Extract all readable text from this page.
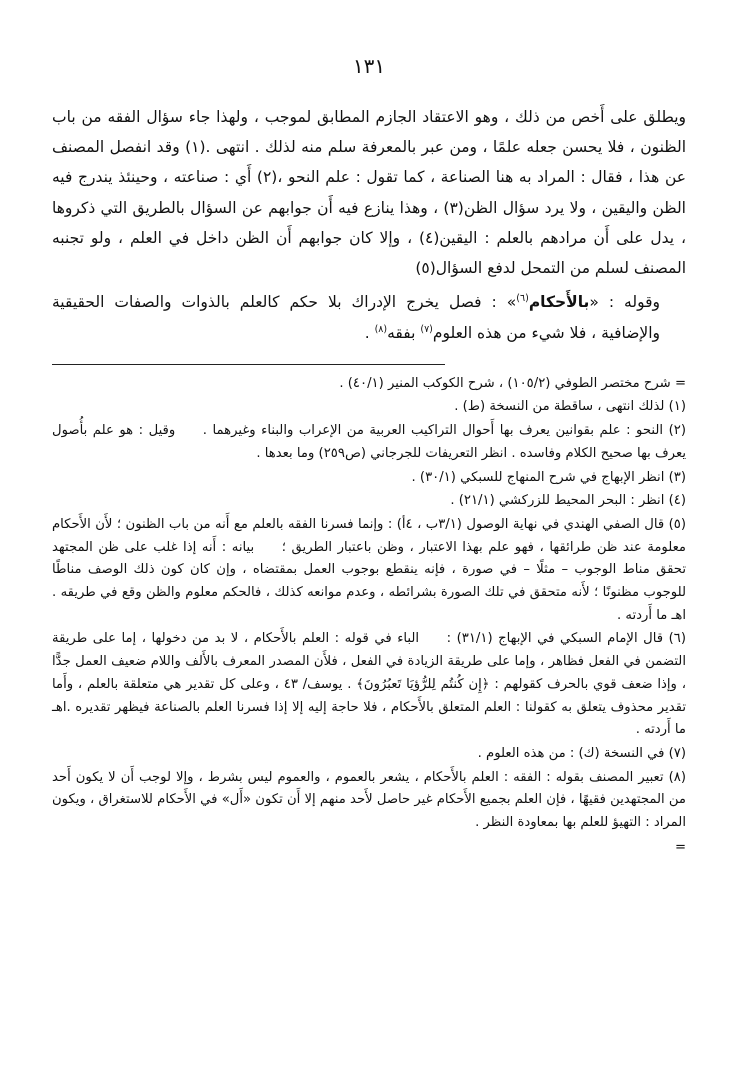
١٣١

ويطلق على أَخص من ذلك ، وهو الاعتقاد الجازم المطابق لموجب ، ولهذا جاء سؤال الفقه من باب الظنون ، فلا يحسن جعله علمًا ، ومن عبر بالمعرفة سلم منه لذلك . انتهى .(١) وقد انفصل المصنف عن هذا ، فقال : المراد به هنا الصناعة ، كما تقول : علم النحو ،(٢) أَي : صناعته ، وحينئذ يندرج فيه الظن واليقين ، ولا يرد سؤال الظن(٣) ، وهذا ينازع فيه أَن جوابهم عن السؤال بالطريق التي ذكروها ، يدل على أَن مرادهم بالعلم : اليقين(٤) ، وإلا كان جوابهم أَن الظن داخل في العلم ، ولو تجنبه المصنف لسلم من التمحل لدفع السؤال(٥)

وقوله : «بالأَحكام$^{(٦)}$» : فصل يخرج الإدراك بلا حكم كالعلم بالذوات والصفات الحقيقية والإضافية ، فلا شيء من هذه العلوم$^{(٧)}$ بفقه$^{(٨)}$ .

= شرح مختصر الطوفي (١٠٥/٢) ، شرح الكوكب المنير (٤٠/١) .

(١) لذلك انتهى ، ساقطة من النسخة (ط) .

(٢) النحو : علم بقوانين يعرف بها أَحوال التراكيب العربية من الإعراب والبناء وغيرهما . وقيل : هو علم بأُصول يعرف بها صحيح الكلام وفاسده . انظر التعريفات للجرجاني (ص٢٥٩) وما بعدها .

(٣) انظر الإبهاج في شرح المنهاج للسبكي (٣٠/١) .

(٤) انظر : البحر المحيط للزركشي (٢١/١) .

(٥) قال الصفي الهندي في نهاية الوصول (٣/١ب ، ٤أ) : وإنما فسرنا الفقه بالعلم مع أَنه من باب الظنون ؛ لأَن الأَحكام معلومة عند ظن طرائقها ، فهو علم بهذا الاعتبار ، وظن باعتبار الطريق ؛ بيانه : أَنه إذا غلب على ظن المجتهد تحقق مناط الوجوب – مثلًا – في صورة ، فإنه ينقطع بوجوب العمل بمقتضاه ، وإن كان كون ذلك الوصف مناطًا للوجوب مظنونًا ؛ لأَنه متحقق في تلك الصورة بشرائطه ، وعدم موانعه كذلك ، فالحكم معلوم والظن وقع في طريقه . اهـ ما أَردته .

(٦) قال الإمام السبكي في الإبهاج (٣١/١) : الباء في قوله : العلم بالأَحكام ، لا بد من دخولها ، إما على طريقة التضمن في الفعل فظاهر ، وإما على طريقة الزيادة في الفعل ، فلأَن المصدر المعرف بالأَلف واللام ضعيف العمل جدًّا ، وإذا ضعف قوي بالحرف كقولهم : ﴿إِن كُنتُم لِلرُّؤيَا تَعبُرُونَ﴾ . يوسف/ ٤٣ ، وعلى كل تقدير هي متعلقة بالعلم ، وأَما تقدير محذوف يتعلق به كقولنا : العلم المتعلق بالأَحكام ، فلا حاجة إليه إلا إذا فسرنا العلم بالصناعة فيظهر تقديره .اهـ ما أَردته .

(٧) في النسخة (ك) : من هذه العلوم .

(٨) تعبير المصنف بقوله : الفقه : العلم بالأَحكام ، يشعر بالعموم ، والعموم ليس بشرط ، وإلا لوجب أَن لا يكون أَحد من المجتهدين فقيهًا ، فإن العلم بجميع الأَحكام غير حاصل لأَحد منهم إلا أَن تكون «أَل» في الأَحكام للاستغراق ، ويكون المراد : التهيؤ للعلم بها بمعاودة النظر .

=
